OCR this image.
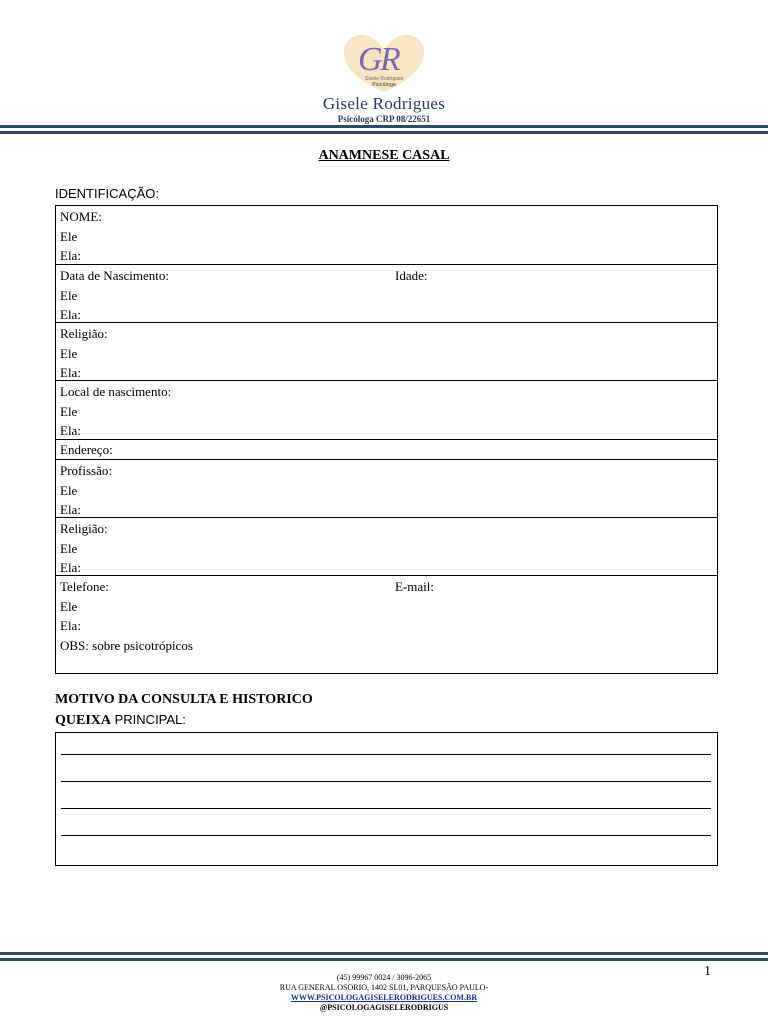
G
R
Gisele Rodrigues
Psicóloga
Gisele Rodrigues
Psicóloga CRP 08/22651
ANAMNESE CASAL
IDENTIFICAÇÃO:
NOME:
Ele
Ela:
Data de Nascimento:
Ele
Ela:
Idade:
Religião:
Ele
Ela:
Local de nascimento:
Ele
Ela:
Endereço:
Profissão:
Ele
Ela:
Religião:
Ele
Ela:
Telefone:
Ele
Ela:
OBS: sobre psicotrópicos
E-mail:
MOTIVO DA CONSULTA E HISTORICO
QUEIXA PRINCIPAL:
1
(45) 99967 0024 / 3096-2065
RUA GENERAL OSORIO, 1402 SL01, PARQUESÃO PAULO-
WWW.PSICOLOGAGISELERODRIGUES.COM.BR
@PSICOLOGAGISELERODRIGUS
